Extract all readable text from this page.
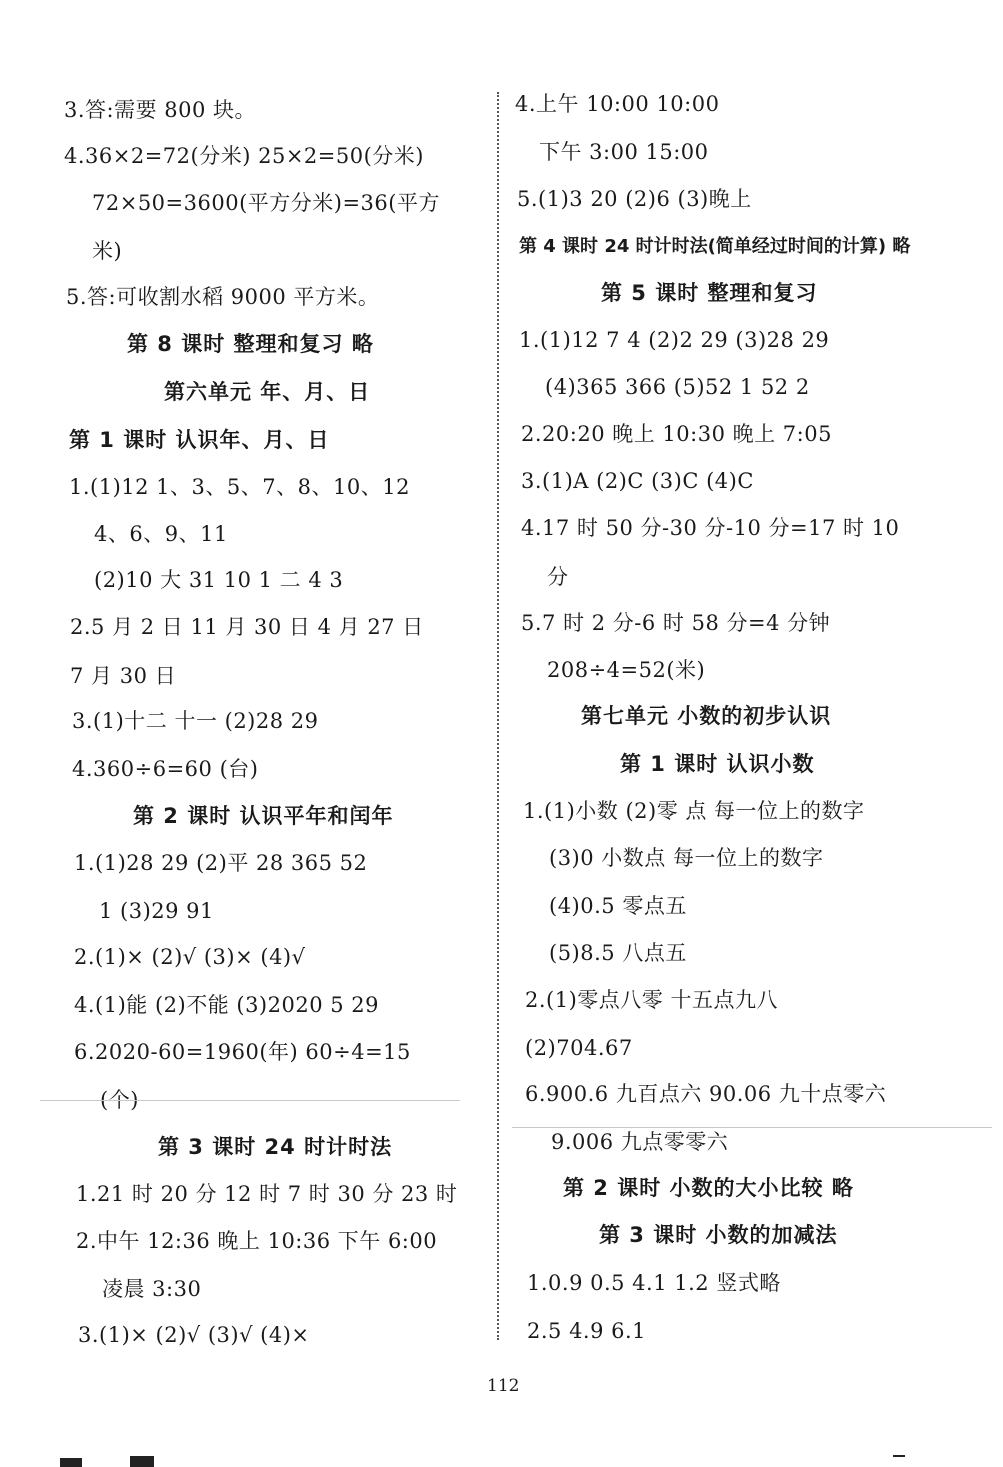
3.答:需要 800 块。
4.36×2=72(分米) 25×2=50(分米)
72×50=3600(平方分米)=36(平方
米)
5.答:可收割水稻 9000 平方米。
第 8 课时 整理和复习 略
第六单元 年、月、日
第 1 课时 认识年、月、日
1.(1)12 1、3、5、7、8、10、12
4、6、9、11
(2)10 大 31 10 1 二 4 3
2.5 月 2 日 11 月 30 日 4 月 27 日
7 月 30 日
3.(1)十二 十一 (2)28 29
4.360÷6=60 (台)
第 2 课时 认识平年和闰年
1.(1)28 29 (2)平 28 365 52
1 (3)29 91
2.(1)× (2)√ (3)× (4)√
4.(1)能 (2)不能 (3)2020 5 29
6.2020-60=1960(年) 60÷4=15
(个)
第 3 课时 24 时计时法
1.21 时 20 分 12 时 7 时 30 分 23 时
2.中午 12:36 晚上 10:36 下午 6:00
凌晨 3:30
3.(1)× (2)√ (3)√ (4)×
4.上午 10:00 10:00
下午 3:00 15:00
5.(1)3 20 (2)6 (3)晚上
第 4 课时 24 时计时法(简单经过时间的计算) 略
第 5 课时 整理和复习
1.(1)12 7 4 (2)2 29 (3)28 29
(4)365 366 (5)52 1 52 2
2.20:20 晚上 10:30 晚上 7:05
3.(1)A (2)C (3)C (4)C
4.17 时 50 分-30 分-10 分=17 时 10
分
5.7 时 2 分-6 时 58 分=4 分钟
208÷4=52(米)
第七单元 小数的初步认识
第 1 课时 认识小数
1.(1)小数 (2)零 点 每一位上的数字
(3)0 小数点 每一位上的数字
(4)0.5 零点五
(5)8.5 八点五
2.(1)零点八零 十五点九八
(2)704.67
6.900.6 九百点六 90.06 九十点零六
9.006 九点零零六
第 2 课时 小数的大小比较 略
第 3 课时 小数的加减法
1.0.9 0.5 4.1 1.2 竖式略
2.5 4.9 6.1
112
